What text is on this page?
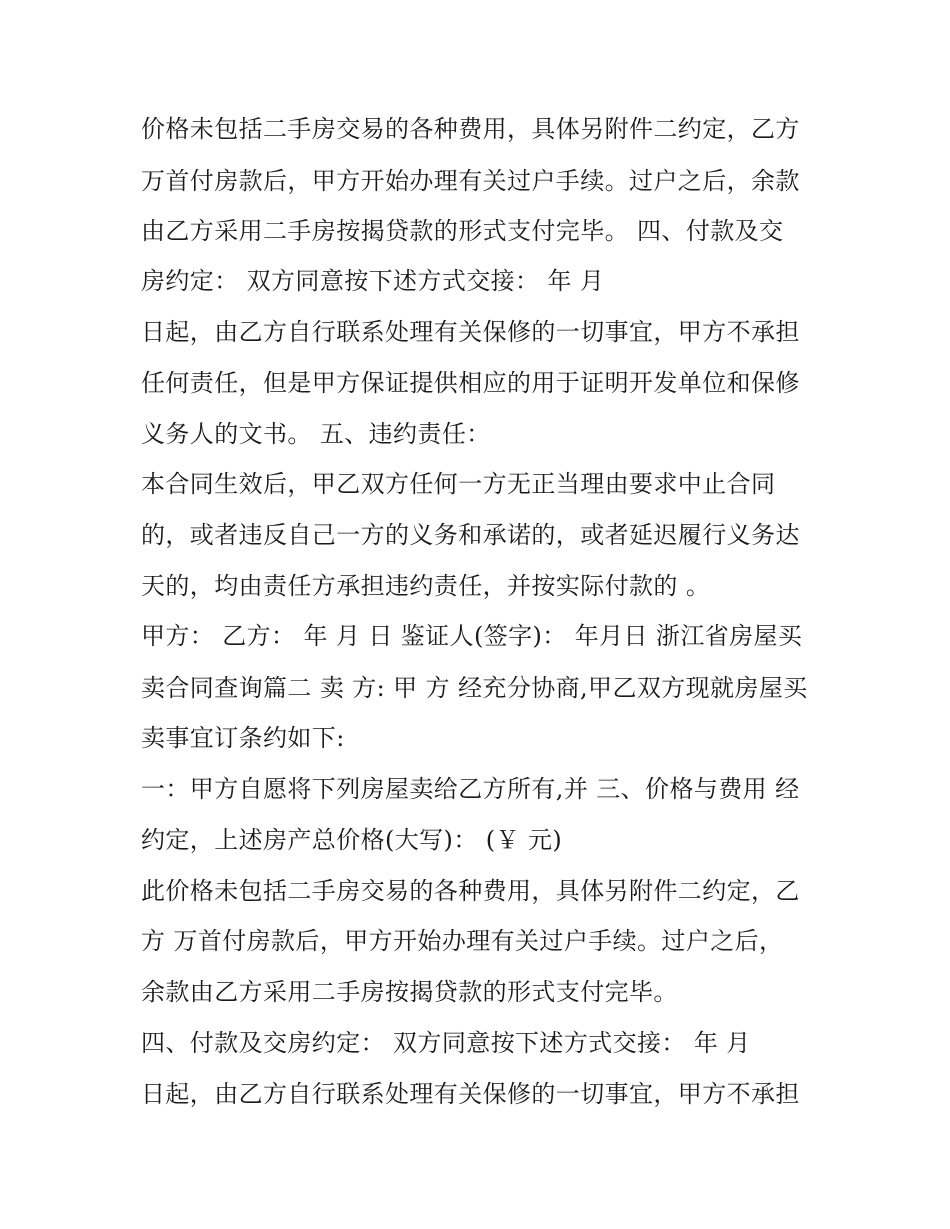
价格未包括二手房交易的各种费用，具体另附件二约定，乙方
万首付房款后，甲方开始办理有关过户手续。过户之后，余款
由乙方采用二手房按揭贷款的形式支付完毕。 四、付款及交
房约定： 双方同意按下述方式交接： 年 月
日起，由乙方自行联系处理有关保修的一切事宜，甲方不承担
任何责任，但是甲方保证提供相应的用于证明开发单位和保修
义务人的文书。 五、违约责任：
本合同生效后，甲乙双方任何一方无正当理由要求中止合同
的，或者违反自己一方的义务和承诺的，或者延迟履行义务达
天的，均由责任方承担违约责任，并按实际付款的 。
甲方： 乙方： 年 月 日 鉴证人(签字)： 年月日 浙江省房屋买
卖合同查询篇二 卖 方: 甲 方 经充分协商,甲乙双方现就房屋买
卖事宜订条约如下:
一：甲方自愿将下列房屋卖给乙方所有,并 三、价格与费用 经
约定，上述房产总价格(大写)： (￥ 元)
此价格未包括二手房交易的各种费用，具体另附件二约定，乙
方 万首付房款后，甲方开始办理有关过户手续。过户之后，
余款由乙方采用二手房按揭贷款的形式支付完毕。
四、付款及交房约定： 双方同意按下述方式交接： 年 月
日起，由乙方自行联系处理有关保修的一切事宜，甲方不承担
